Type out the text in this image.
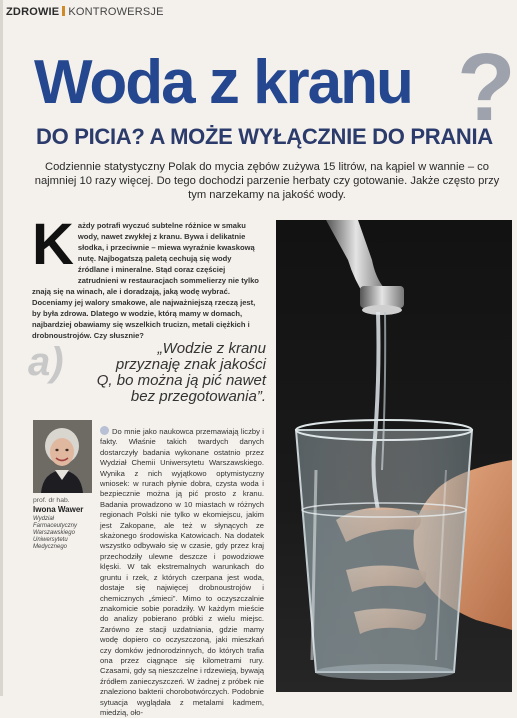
ZDROWIE KONTROWERSJE
Woda z kranu ?
DO PICIA? A MOŻE WYŁĄCZNIE DO PRANIA
Codziennie statystyczny Polak do mycia zębów zużywa 15 litrów, na kąpiel w wannie – co najmniej 10 razy więcej. Do tego dochodzi parzenie herbaty czy gotowanie. Jakże często przy tym narzekamy na jakość wody.
Każdy potrafi wyczuć subtelne różnice w smaku wody, nawet zwykłej z kranu. Bywa i delikatnie słodka, i przeciwnie – miewa wyraźnie kwaskową nutę. Najbogatszą paletą cechują się wody źródlane i mineralne. Stąd coraz częściej zatrudnieni w restauracjach sommelierzy nie tylko znają się na winach, ale i doradzają, jaką wodę wybrać. Doceniamy jej walory smakowe, ale najważniejszą rzeczą jest, by była zdrowa. Dlatego w wodzie, którą mamy w domach, najbardziej obawiamy się wszelkich trucizn, metali ciężkich i drobnoustrojów. Czy słusznie?
a)	„Wodzie z kranu przyznaję znak jakości Q, bo można ją pić nawet bez przegotowania”.
prof. dr hab.
Iwona Wawer
Wydział Farmaceutyczny Warszawskiego Uniwersytetu Medycznego
Do mnie jako naukowca przemawiają liczby i fakty. Właśnie takich twardych danych dostarczyły badania wykonane ostatnio przez Wydział Chemii Uniwersytetu Warszawskiego. Wynika z nich wyjątkowo optymistyczny wniosek: w rurach płynie dobra, czysta woda i bezpiecznie można ją pić prosto z kranu. Badania prowadzono w 10 miastach w różnych regionach Polski nie tylko w ekomiejscu, jakim jest Zakopane, ale też w słynących ze skażonego środowiska Katowicach. Na dodatek wszystko odbywało się w czasie, gdy przez kraj przechodziły ulewne deszcze i powodziowe klęski. W tak ekstremalnych warunkach do gruntu i rzek, z których czerpana jest woda, dostaje się najwięcej drobnoustrojów i chemicznych „śmieci”. Mimo to oczyszczalnie znakomicie sobie poradziły. W każdym mieście do analizy pobierano próbki z wielu miejsc. Zarówno ze stacji uzdatniania, gdzie mamy wodę dopiero co oczyszczoną, jaki mieszkań czy domków jednorodzinnych, do których trafia ona przez ciągnące się kilometrami rury. Czasami, gdy są nieszczelne i rdzewieją, bywają źródłem zanieczyszczeń. W żadnej z próbek nie znaleziono bakterii chorobotwórczych. Podobnie sytuacja wyglądała z metalami kadmem, miedzią, oło-
